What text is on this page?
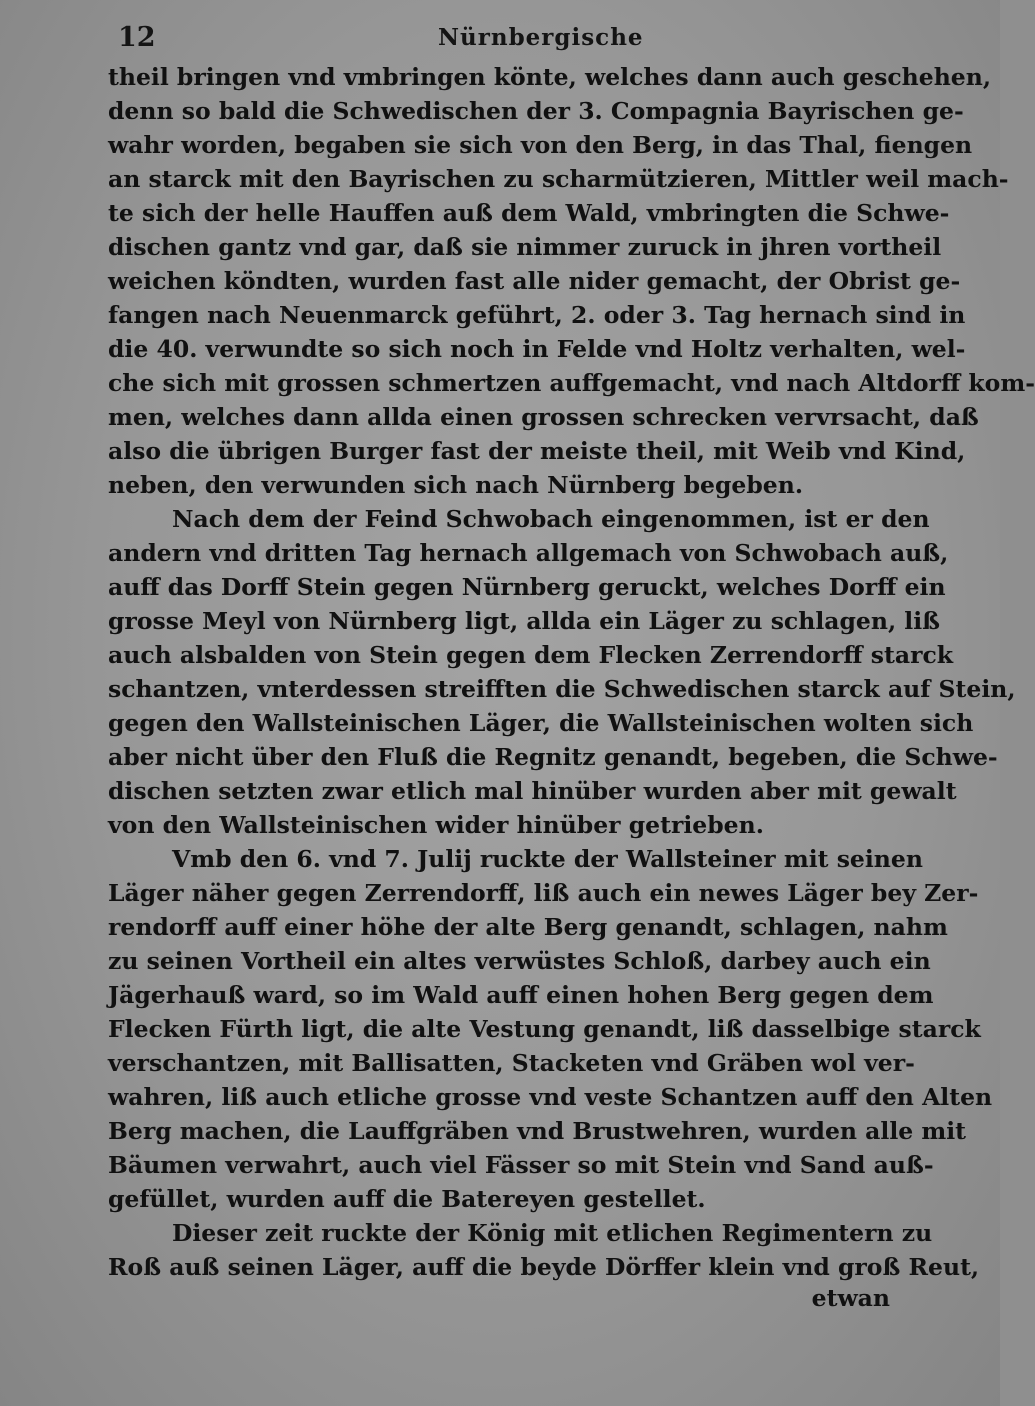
12	Nürnbergische
theil bringen vnd vmbringen könte, welches dann auch geschehen,
denn so bald die Schwedischen der 3. Compagnia Bayrischen ge-
wahr worden, begaben sie sich von den Berg, in das Thal, fiengen
an starck mit den Bayrischen zu scharmützieren, Mittler weil mach-
te sich der helle Hauffen auß dem Wald, vmbringten die Schwe-
dischen gantz vnd gar, daß sie nimmer zuruck in jhren vortheil
weichen köndten, wurden fast alle nider gemacht, der Obrist ge-
fangen nach Neuenmarck geführt, 2. oder 3. Tag hernach sind in
die 40. verwundte so sich noch in Felde vnd Holtz verhalten, wel-
che sich mit grossen schmertzen auffgemacht, vnd nach Altdorff kom-
men, welches dann allda einen grossen schrecken vervrsacht, daß
also die übrigen Burger fast der meiste theil, mit Weib vnd Kind,
neben, den verwunden sich nach Nürnberg begeben.
Nach dem der Feind Schwobach eingenommen, ist er den
andern vnd dritten Tag hernach allgemach von Schwobach auß,
auff das Dorff Stein gegen Nürnberg geruckt, welches Dorff ein
grosse Meyl von Nürnberg ligt, allda ein Läger zu schlagen, liß
auch alsbalden von Stein gegen dem Flecken Zerrendorff starck
schantzen, vnterdessen streifften die Schwedischen starck auf Stein,
gegen den Wallsteinischen Läger, die Wallsteinischen wolten sich
aber nicht über den Fluß die Regnitz genandt, begeben, die Schwe-
dischen setzten zwar etlich mal hinüber wurden aber mit gewalt
von den Wallsteinischen wider hinüber getrieben.
Vmb den 6. vnd 7. Julij ruckte der Wallsteiner mit seinen
Läger näher gegen Zerrendorff, liß auch ein newes Läger bey Zer-
rendorff auff einer höhe der alte Berg genandt, schlagen, nahm
zu seinen Vortheil ein altes verwüstes Schloß, darbey auch ein
Jägerhauß ward, so im Wald auff einen hohen Berg gegen dem
Flecken Fürth ligt, die alte Vestung genandt, liß dasselbige starck
verschantzen, mit Ballisatten, Stacketen vnd Gräben wol ver-
wahren, liß auch etliche grosse vnd veste Schantzen auff den Alten
Berg machen, die Lauffgräben vnd Brustwehren, wurden alle mit
Bäumen verwahrt, auch viel Fässer so mit Stein vnd Sand auß-
gefüllet, wurden auff die Batereyen gestellet.
Dieser zeit ruckte der König mit etlichen Regimentern zu
Roß auß seinen Läger, auff die beyde Dörffer klein vnd groß Reut,
etwan
